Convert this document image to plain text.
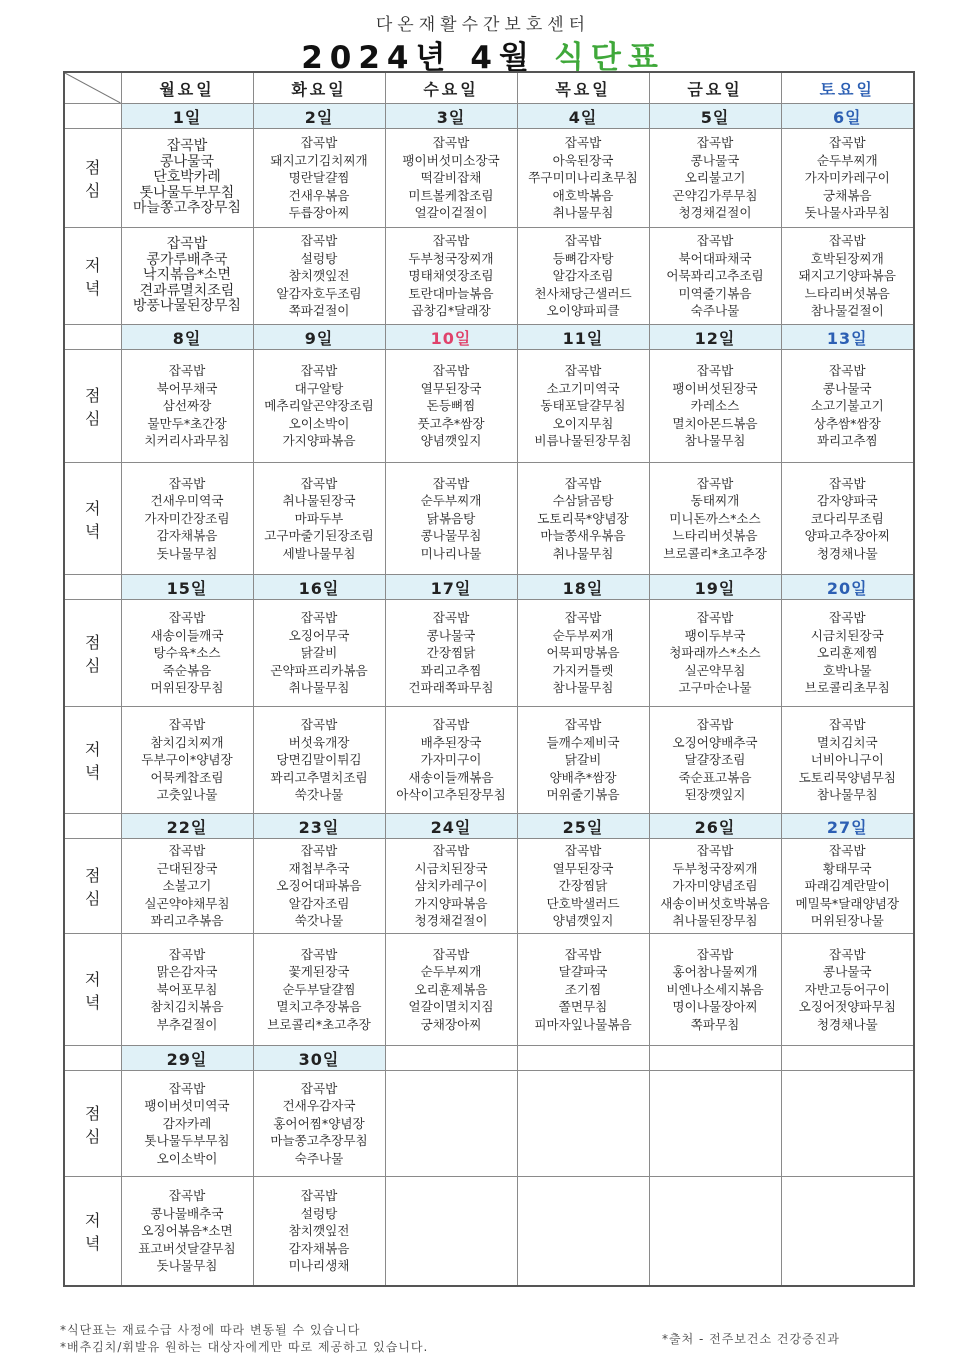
다온재활수간보호센터
2024년 4월 식단표
	월요일	화요일	수요일	목요일	금요일	토요일
	1일	2일	3일	4일	5일	6일
점 심	잡곡밥
콩나물국
단호박카레
톳나물두부무침
마늘쫑고추장무침	잡곡밥
돼지고기김치찌개
명란달걀찜
건새우볶음
두릅장아찌	잡곡밥
팽이버섯미소장국
떡갈비잡채
미트볼케찹조림
얼갈이겉절이	잡곡밥
아욱된장국
쭈구미미나리초무침
애호박볶음
취나물무침	잡곡밥
콩나물국
오리불고기
곤약김가루무침
청경채겉절이	잡곡밥
순두부찌개
가자미카레구이
궁채볶음
돗나물사과무침

저 녁	잡곡밥
콩가루배추국
낙지볶음*소면
견과류멸치조림
방풍나물된장무침	잡곡밥
설렁탕
참치깻잎전
알감자호두조림
쪽파겉절이	잡곡밥
두부청국장찌개
명태채엿장조림
토란대마늘볶음
곱창김*달래장	잡곡밥
등뼈감자탕
알감자조림
천사채당근샐러드
오이양파피클	잡곡밥
북어대파채국
어묵꽈리고추조림
미역줄기볶음
숙주나물	잡곡밥
호박된장찌개
돼지고기양파볶음
느타리버섯볶음
참나물겉절이

	8일	9일	10일	11일	12일	13일
점 심	잡곡밥
북어무채국
삼선짜장
물만두*초간장
치커리사과무침	잡곡밥
대구알탕
메추리알곤약장조림
오이소박이
가지양파볶음	잡곡밥
열무된장국
돈등뼈찜
풋고추*쌈장
양념깻잎지	잡곡밥
소고기미역국
동태포달걀무침
오이지무침
비름나물된장무침	잡곡밥
팽이버섯된장국
카레소스
멸치아몬드볶음
참나물무침	잡곡밥
콩나물국
소고기불고기
상추쌈*쌈장
꽈리고추찜

저 녁	잡곡밥
건새우미역국
가자미간장조림
감자채볶음
돗나물무침	잡곡밥
취나물된장국
마파두부
고구마줄기된장조림
세발나물무침	잡곡밥
순두부찌개
닭볶음탕
콩나물무침
미나리나물	잡곡밥
수삼닭곰탕
도토리묵*양념장
마늘쫑새우볶음
취나물무침	잡곡밥
동태찌개
미니돈까스*소스
느타리버섯볶음
브로콜리*초고추장	잡곡밥
감자양파국
코다리무조림
양파고추장아찌
청경채나물

	15일	16일	17일	18일	19일	20일
점 심	잡곡밥
새송이들깨국
탕수육*소스
죽순볶음
머위된장무침	잡곡밥
오징어무국
닭갈비
곤약파프리카볶음
취나물무침	잡곡밥
콩나물국
간장찜닭
꽈리고추찜
건파래쪽파무침	잡곡밥
순두부찌개
어묵피망볶음
가지커틀렛
참나물무침	잡곡밥
팽이두부국
청파래까스*소스
실곤약무침
고구마순나물	잡곡밥
시금치된장국
오리훈제찜
호박나물
브로콜리초무침

저 녁	잡곡밥
참치김치찌개
두부구이*양념장
어묵케찹조림
고춧잎나물	잡곡밥
버섯육개장
당면김말이튀김
꽈리고추멸치조림
쑥갓나물	잡곡밥
배추된장국
가자미구이
새송이들깨볶음
아삭이고추된장무침	잡곡밥
들깨수제비국
닭갈비
양배추*쌈장
머위줄기볶음	잡곡밥
오징어양배추국
달걀장조림
죽순표고볶음
된장깻잎지	잡곡밥
멸치김치국
너비아니구이
도토리묵양념무침
참나물무침

	22일	23일	24일	25일	26일	27일
점 심	잡곡밥
근대된장국
소불고기
실곤약야채무침
꽈리고추볶음	잡곡밥
재첩부추국
오징어대파볶음
알감자조림
쑥갓나물	잡곡밥
시금치된장국
삼치카레구이
가지양파볶음
청경채겉절이	잡곡밥
열무된장국
간장찜닭
단호박샐러드
양념깻잎지	잡곡밥
두부청국장찌개
가자미양념조림
새송이버섯호박볶음
취나물된장무침	잡곡밥
황태무국
파래김계란말이
메밀묵*달래양념장
머위된장나물

저 녁	잡곡밥
맑은감자국
북어포무침
참치김치볶음
부추겉절이	잡곡밥
꽃게된장국
순두부달걀찜
멸치고추장볶음
브로콜리*초고추장	잡곡밥
순두부찌개
오리훈제볶음
얼갈이멸치지짐
궁채장아찌	잡곡밥
달걀파국
조기찜
쫄면무침
피마자잎나물볶음	잡곡밥
홍어참나물찌개
비엔나소세지볶음
명이나물장아찌
쪽파무침	잡곡밥
콩나물국
자반고등어구이
오징어젓양파무침
청경채나물

	29일	30일				
점 심	잡곡밥
팽이버섯미역국
감자카레
톳나물두부무침
오이소박이	잡곡밥
건새우감자국
홍어어찜*양념장
마늘쫑고추장무침
숙주나물				

저 녁	잡곡밥
콩나물배추국
오징어볶음*소면
표고버섯달걀무침
돗나물무침	잡곡밥
설렁탕
참치깻잎전
감자채볶음
미나리생채				

*식단표는 재료수급 사정에 따라 변동될 수 있습니다
*배추김치/휘발유 원하는 대상자에게만 따로 제공하고 있습니다.
*출처 - 전주보건소 건강증진과
